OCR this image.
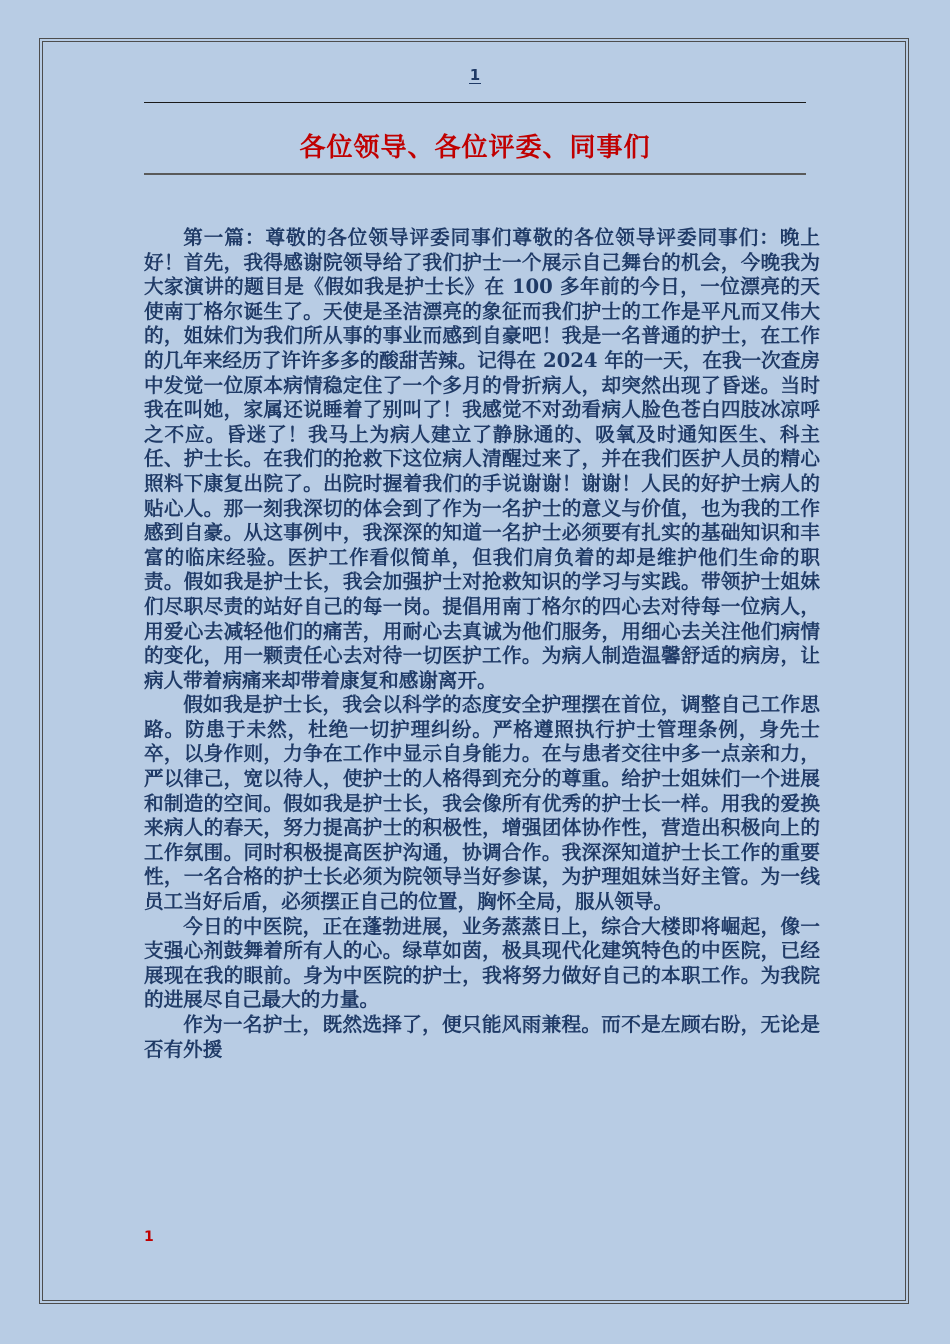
1
各位领导、各位评委、同事们

第一篇：尊敬的各位领导评委同事们尊敬的各位领导评委同事们：晚上好！首先，我得感谢院领导给了我们护士一个展示自己舞台的机会，今晚我为大家演讲的题目是《假如我是护士长》在 100 多年前的今日，一位漂亮的天使南丁格尔诞生了。天使是圣洁漂亮的象征而我们护士的工作是平凡而又伟大的，姐妹们为我们所从事的事业而感到自豪吧！我是一名普通的护士，在工作的几年来经历了许许多多的酸甜苦辣。记得在 2024 年的一天，在我一次查房中发觉一位原本病情稳定住了一个多月的骨折病人，却突然出现了昏迷。当时我在叫她，家属还说睡着了别叫了！我感觉不对劲看病人脸色苍白四肢冰凉呼之不应。昏迷了！我马上为病人建立了静脉通的、吸氧及时通知医生、科主任、护士长。在我们的抢救下这位病人清醒过来了，并在我们医护人员的精心照料下康复出院了。出院时握着我们的手说谢谢！谢谢！人民的好护士病人的贴心人。那一刻我深切的体会到了作为一名护士的意义与价值，也为我的工作感到自豪。从这事例中，我深深的知道一名护士必须要有扎实的基础知识和丰富的临床经验。医护工作看似简单，但我们肩负着的却是维护他们生命的职责。假如我是护士长，我会加强护士对抢救知识的学习与实践。带领护士姐妹们尽职尽责的站好自己的每一岗。提倡用南丁格尔的四心去对待每一位病人，用爱心去减轻他们的痛苦，用耐心去真诚为他们服务，用细心去关注他们病情的变化，用一颗责任心去对待一切医护工作。为病人制造温馨舒适的病房，让病人带着病痛来却带着康复和感谢离开。

假如我是护士长，我会以科学的态度安全护理摆在首位，调整自己工作思路。防患于未然，杜绝一切护理纠纷。严格遵照执行护士管理条例，身先士卒，以身作则，力争在工作中显示自身能力。在与患者交往中多一点亲和力，严以律己，宽以待人，使护士的人格得到充分的尊重。给护士姐妹们一个进展和制造的空间。假如我是护士长，我会像所有优秀的护士长一样。用我的爱换来病人的春天，努力提高护士的积极性，增强团体协作性，营造出积极向上的工作氛围。同时积极提高医护沟通，协调合作。我深深知道护士长工作的重要性，一名合格的护士长必须为院领导当好参谋，为护理姐妹当好主管。为一线员工当好后盾，必须摆正自己的位置，胸怀全局，服从领导。

今日的中医院，正在蓬勃进展，业务蒸蒸日上，综合大楼即将崛起，像一支强心剂鼓舞着所有人的心。绿草如茵，极具现代化建筑特色的中医院，已经展现在我的眼前。身为中医院的护士，我将努力做好自己的本职工作。为我院的进展尽自己最大的力量。

作为一名护士，既然选择了，便只能风雨兼程。而不是左顾右盼，无论是否有外援

1
